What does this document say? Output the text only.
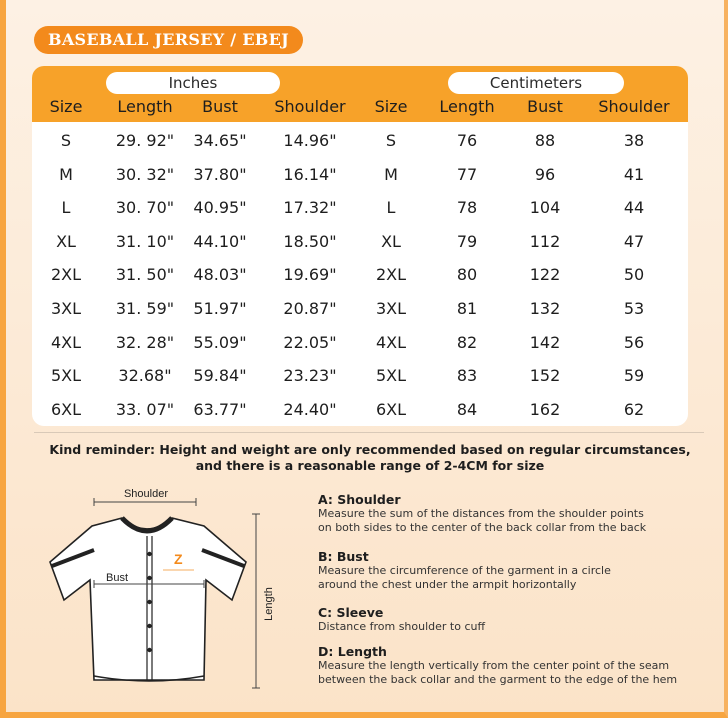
BASEBALL JERSEY / EBEJ
Inches	Centimeters
Size	Length	Bust	Shoulder	Size	Length	Bust	Shoulder
S	29. 92"	34.65"	14.96"	S	76	88	38
M	30. 32"	37.80"	16.14"	M	77	96	41
L	30. 70"	40.95"	17.32"	L	78	104	44
XL	31. 10"	44.10"	18.50"	XL	79	112	47
2XL	31. 50"	48.03"	19.69"	2XL	80	122	50
3XL	31. 59"	51.97"	20.87"	3XL	81	132	53
4XL	32. 28"	55.09"	22.05"	4XL	82	142	56
5XL	32.68"	59.84"	23.23"	5XL	83	152	59
6XL	33. 07"	63.77"	24.40"	6XL	84	162	62
Kind reminder: Height and weight are only recommended based on regular circumstances,
and there is a reasonable range of 2-4CM for size
Shoulder
Z
Bust
Length
A: Shoulder
Measure the sum of the distances from the shoulder points
on both sides to the center of the back collar from the back
B: Bust
Measure the circumference of the garment in a circle
around the chest under the armpit horizontally
C: Sleeve
Distance from shoulder to cuff
D: Length
Measure the length vertically from the center point of the seam
between the back collar and the garment to the edge of the hem
